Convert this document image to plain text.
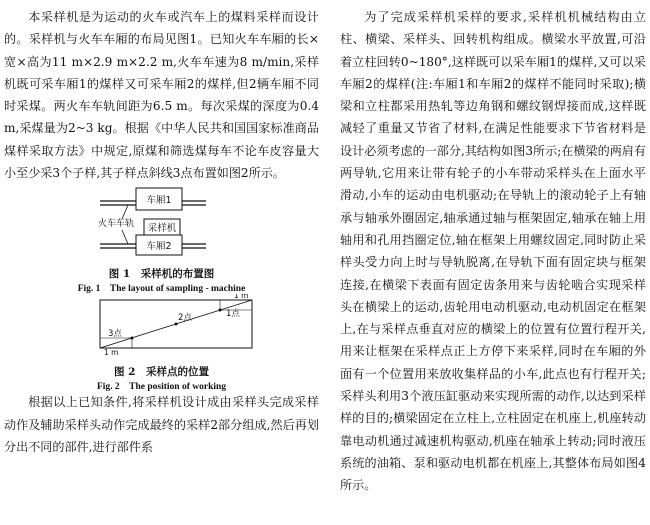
本采样机是为运动的火车或汽车上的煤料采样而设计的。采样机与火车车厢的布局见图1。已知火车车厢的长×宽×高为11 m×2.9 m×2.2 m,火车车速为8 m/min,采样机既可采车厢1的煤样又可采车厢2的煤样,但2辆车厢不同时采煤。两火车车轨间距为6.5 m。每次采煤的深度为0.4 m,采煤量为2~3 kg。根据《中华人民共和国国家标准商品煤样采取方法》中规定,原煤和筛选煤每车不论车皮容量大小至少采3个子样,其子样点斜线3点布置如图2所示。

车厢1
采样机
车厢2
火车车轨
图 1　采样机的布置图
Fig. 1　The layout of sampling - machine
1点
2点
3点
1 m
1 m
图 2　采样点的位置
Fig. 2　The position of working

根据以上已知条件,将采样机设计成由采样头完成采样动作及辅助采样头动作完成最终的采样2部分组成,然后再划分出不同的部件,进行部件系

为了完成采样机采样的要求,采样机机械结构由立柱、横梁、采样头、回转机构组成。横梁水平放置,可沿着立柱回转0~180°,这样既可以采车厢1的煤样,又可以采车厢2的煤样(注:车厢1和车厢2的煤样不能同时采取);横梁和立柱都采用热轧等边角钢和螺纹钢焊接而成,这样既减轻了重量又节省了材料,在满足性能要求下节省材料是设计必须考虑的一部分,其结构如图3所示;在横梁的两肩有两导轨,它用来让带有轮子的小车带动采样头在上面水平滑动,小车的运动由电机驱动;在导轨上的滚动轮子上有轴承与轴承外圈固定,轴承通过轴与框架固定,轴承在轴上用轴用和孔用挡圈定位,轴在框架上用螺纹固定,同时防止采样头受力向上时与导轨脱离,在导轨下面有固定块与框架连接,在横梁下表面有固定齿条用来与齿轮啮合实现采样头在横梁上的运动,齿轮用电动机驱动,电动机固定在框架上,在与采样点垂直对应的横梁上的位置有位置行程开关,用来让框架在采样点正上方停下来采样,同时在车厢的外面有一个位置用来放收集样品的小车,此点也有行程开关;采样头利用3个液压缸驱动来实现所需的动作,以达到采样样的目的;横梁固定在立柱上,立柱固定在机座上,机座转动靠电动机通过减速机构驱动,机座在轴承上转动;同时液压系统的油箱、泵和驱动电机都在机座上,其整体布局如图4所示。
